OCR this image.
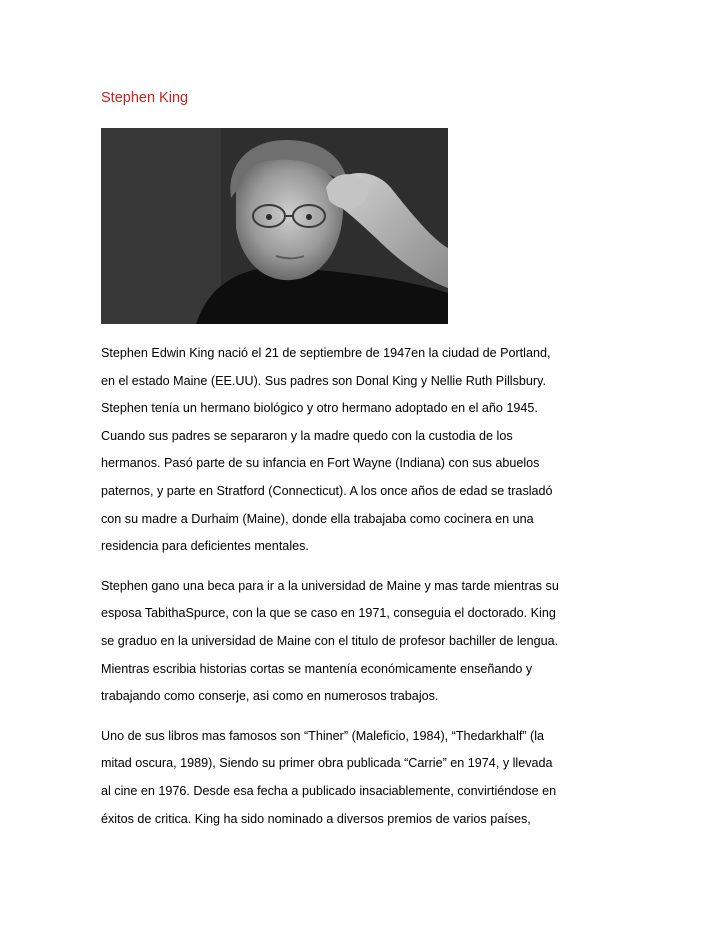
Stephen King

Stephen Edwin King nació el 21 de septiembre de 1947en la ciudad de Portland,
en el estado Maine (EE.UU). Sus padres son Donal King y Nellie Ruth Pillsbury.
Stephen tenía un hermano biológico y otro hermano adoptado en el año 1945.
Cuando sus padres se separaron y la madre quedo con la custodia de los
hermanos. Pasó parte de su infancia en Fort Wayne (Indiana) con sus abuelos
paternos, y parte en Stratford (Connecticut). A los once años de edad se trasladó
con su madre a Durhaim (Maine), donde ella trabajaba como cocinera en una
residencia para deficientes mentales.

Stephen gano una beca para ir a la universidad de Maine y mas tarde mientras su
esposa TabithaSpurce, con la que se caso en 1971, conseguia el doctorado. King
se graduo en la universidad de Maine con el titulo de profesor bachiller de lengua.
Mientras escribia historias cortas se mantenía económicamente enseñando y
trabajando como conserje, asi como en numerosos trabajos.

Uno de sus libros mas famosos son “Thiner” (Maleficio, 1984), “Thedarkhalf” (la
mitad oscura, 1989), Siendo su primer obra publicada “Carrie” en 1974, y llevada
al cine en 1976. Desde esa fecha a publicado insaciablemente, convirtiéndose en
éxitos de critica. King ha sido nominado a diversos premios de varios países,
